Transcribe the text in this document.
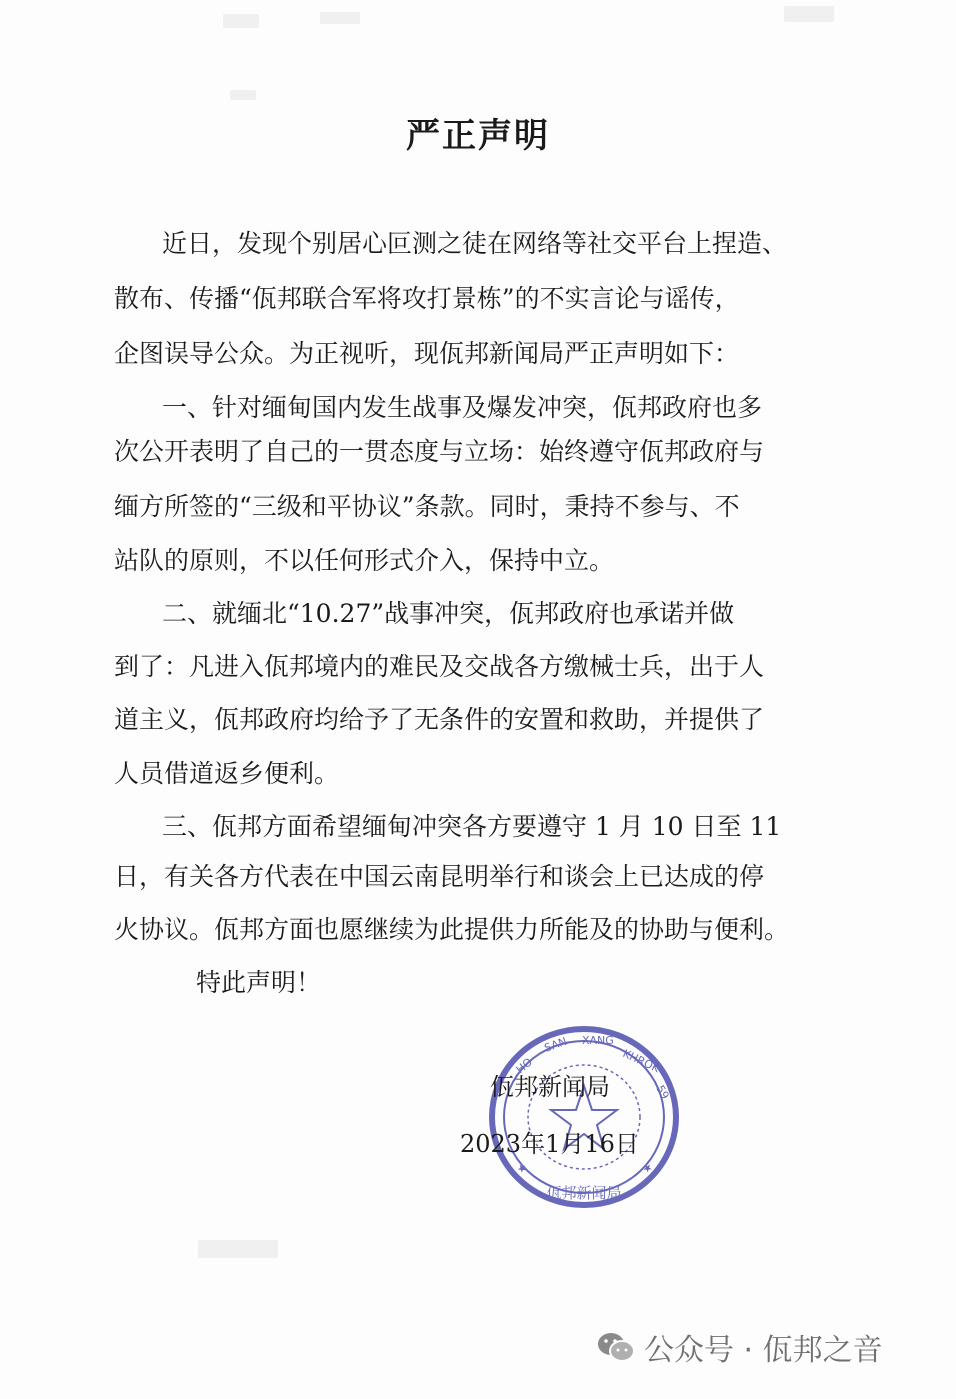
严正声明
近日，发现个别居心叵测之徒在网络等社交平台上捏造、
散布、传播“佤邦联合军将攻打景栋”的不实言论与谣传，
企图误导公众。为正视听，现佤邦新闻局严正声明如下：
一、针对缅甸国内发生战事及爆发冲突，佤邦政府也多
次公开表明了自己的一贯态度与立场：始终遵守佤邦政府与
缅方所签的“三级和平协议”条款。同时，秉持不参与、不
站队的原则，不以任何形式介入，保持中立。
二、就缅北“10.27”战事冲突，佤邦政府也承诺并做
到了：凡进入佤邦境内的难民及交战各方缴械士兵，出于人
道主义，佤邦政府均给予了无条件的安置和救助，并提供了
人员借道返乡便利。
三、佤邦方面希望缅甸冲突各方要遵守 1 月 10 日至 11
日，有关各方代表在中国云南昆明举行和谈会上已达成的停
火协议。佤邦方面也愿继续为此提供力所能及的协助与便利。
特此声明！
HO
SAN XANG
KHROK
59
★	★
佤邦新闻局
佤邦新闻局
2023年1月16日
公众号 · 佤邦之音
